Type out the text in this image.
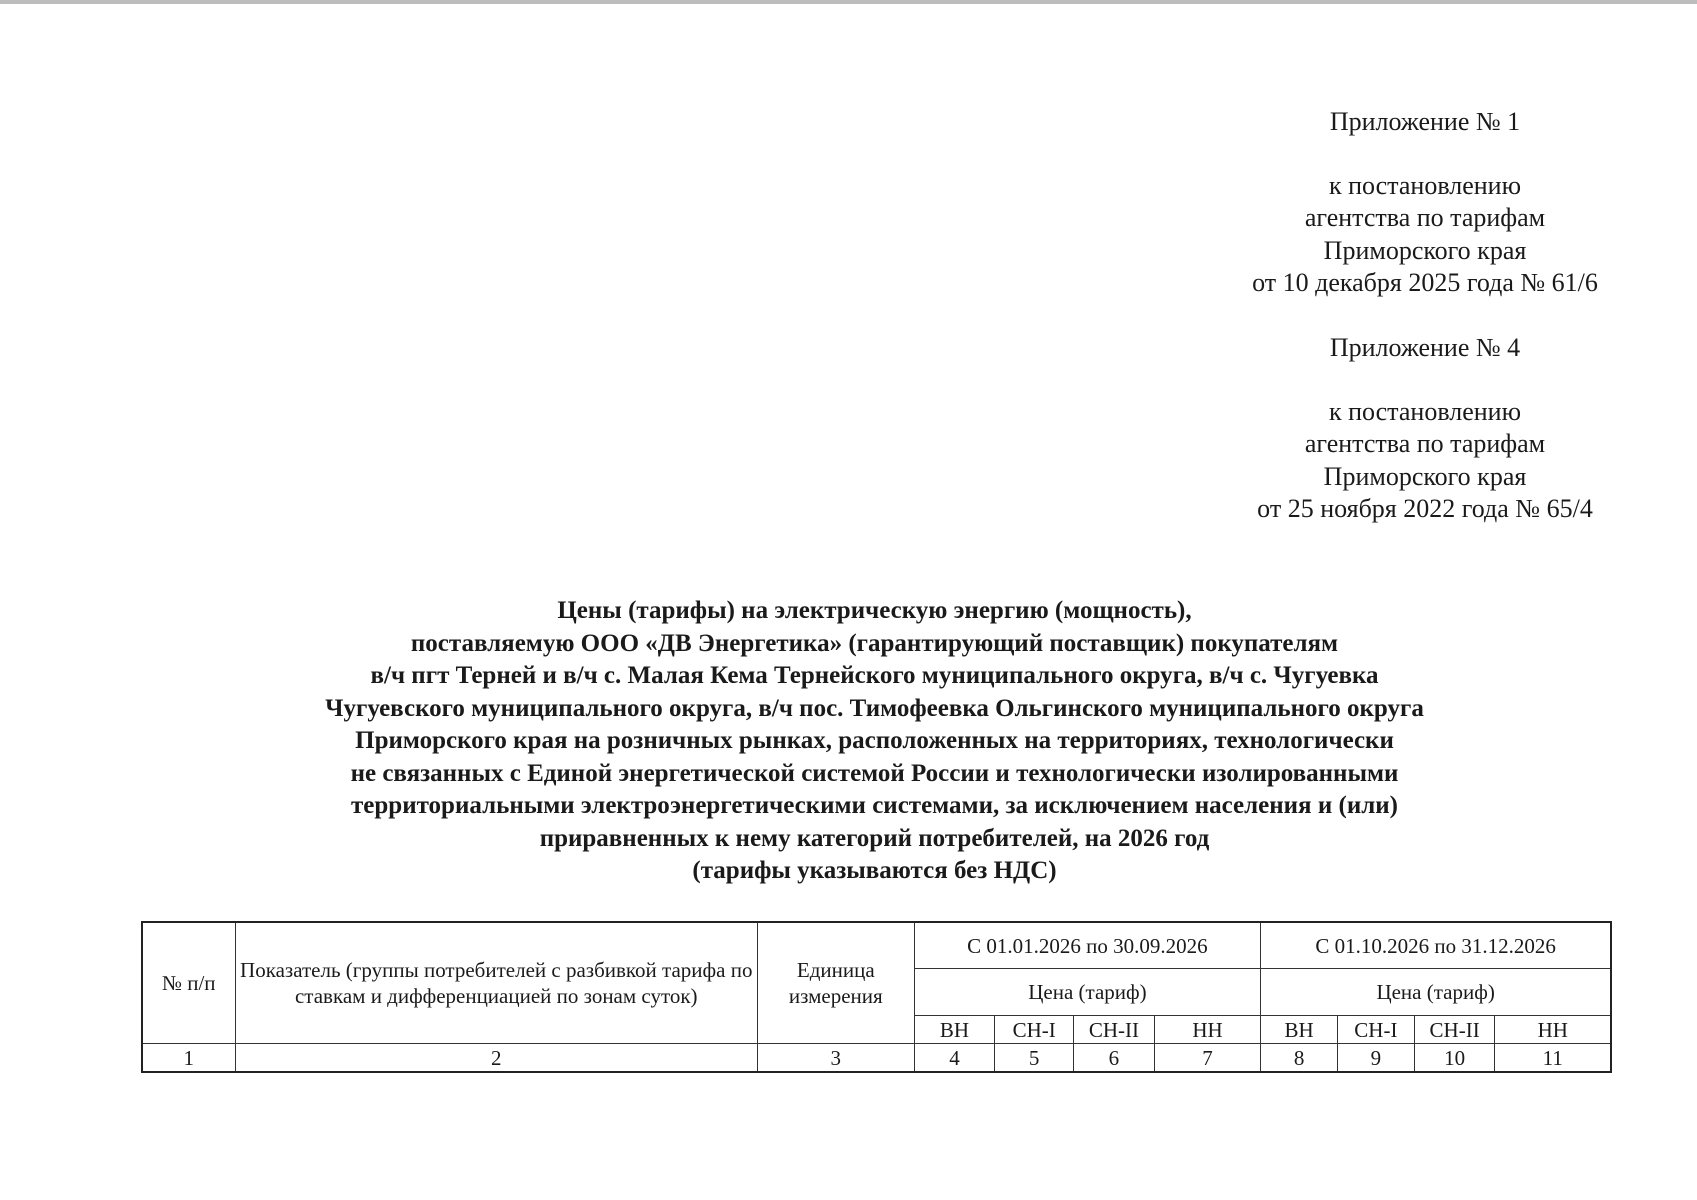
Приложение № 1

к постановлению

агентства по тарифам

Приморского края

от 10 декабря 2025 года № 61/6

Приложение № 4

к постановлению

агентства по тарифам

Приморского края

от 25 ноября 2022 года № 65/4

Цены (тарифы) на электрическую энергию (мощность),

поставляемую ООО «ДВ Энергетика» (гарантирующий поставщик) покупателям

в/ч пгт Терней и в/ч с. Малая Кема Тернейского муниципального округа, в/ч с. Чугуевка

Чугуевского муниципального округа, в/ч пос. Тимофеевка Ольгинского муниципального округа

Приморского края на розничных рынках, расположенных на территориях, технологически

не связанных с Единой энергетической системой России и технологически изолированными

территориальными электроэнергетическими системами, за исключением населения и (или)

приравненных к нему категорий потребителей, на 2026 год

(тарифы указываются без НДС)

№ п/п	Показатель (группы потребителей с разбивкой тарифа по ставкам и дифференциацией по зонам суток)	Единица измерения	С 01.01.2026 по 30.09.2026				С 01.10.2026 по 31.12.2026			
			Цена (тариф)				Цена (тариф)			
			ВН	СН-I	СН-II	НН	ВН	СН-I	СН-II	НН
1	2	3	4	5	6	7	8	9	10	11
